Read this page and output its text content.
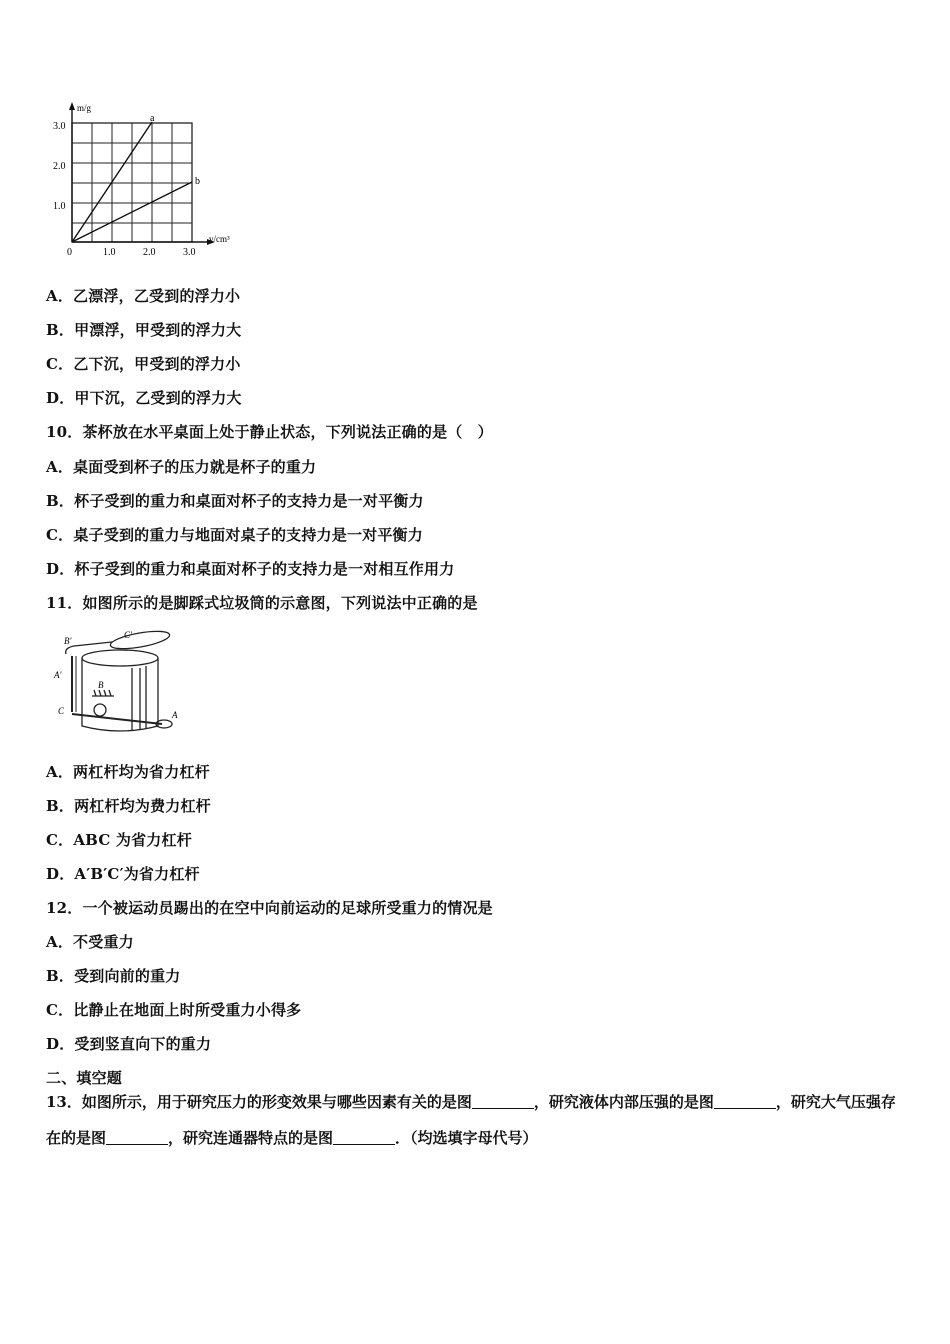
a
b
m/g
v/cm³
0
1.0
2.0
3.0
1.0	2.0	3.0
A．乙漂浮，乙受到的浮力小
B．甲漂浮，甲受到的浮力大
C．乙下沉，甲受到的浮力小
D．甲下沉，乙受到的浮力大
10．茶杯放在水平桌面上处于静止状态，下列说法正确的是（　）
A．桌面受到杯子的压力就是杯子的重力
B．杯子受到的重力和桌面对杯子的支持力是一对平衡力
C．桌子受到的重力与地面对桌子的支持力是一对平衡力
D．杯子受到的重力和桌面对杯子的支持力是一对相互作用力
11．如图所示的是脚踩式垃圾筒的示意图，下列说法中正确的是
B'
C'
A'
B
C	A
A．两杠杆均为省力杠杆
B．两杠杆均为费力杠杆
C．ABC 为省力杠杆
D．A′B′C′为省力杠杆
12．一个被运动员踢出的在空中向前运动的足球所受重力的情况是
A．不受重力
B．受到向前的重力
C．比静止在地面上时所受重力小得多
D．受到竖直向下的重力
二、填空题
13．如图所示，用于研究压力的形变效果与哪些因素有关的是图	，研究液体内部压强的是图	，研究大气压强存在的是图	，研究连通器特点的是图	．（均选填字母代号）
